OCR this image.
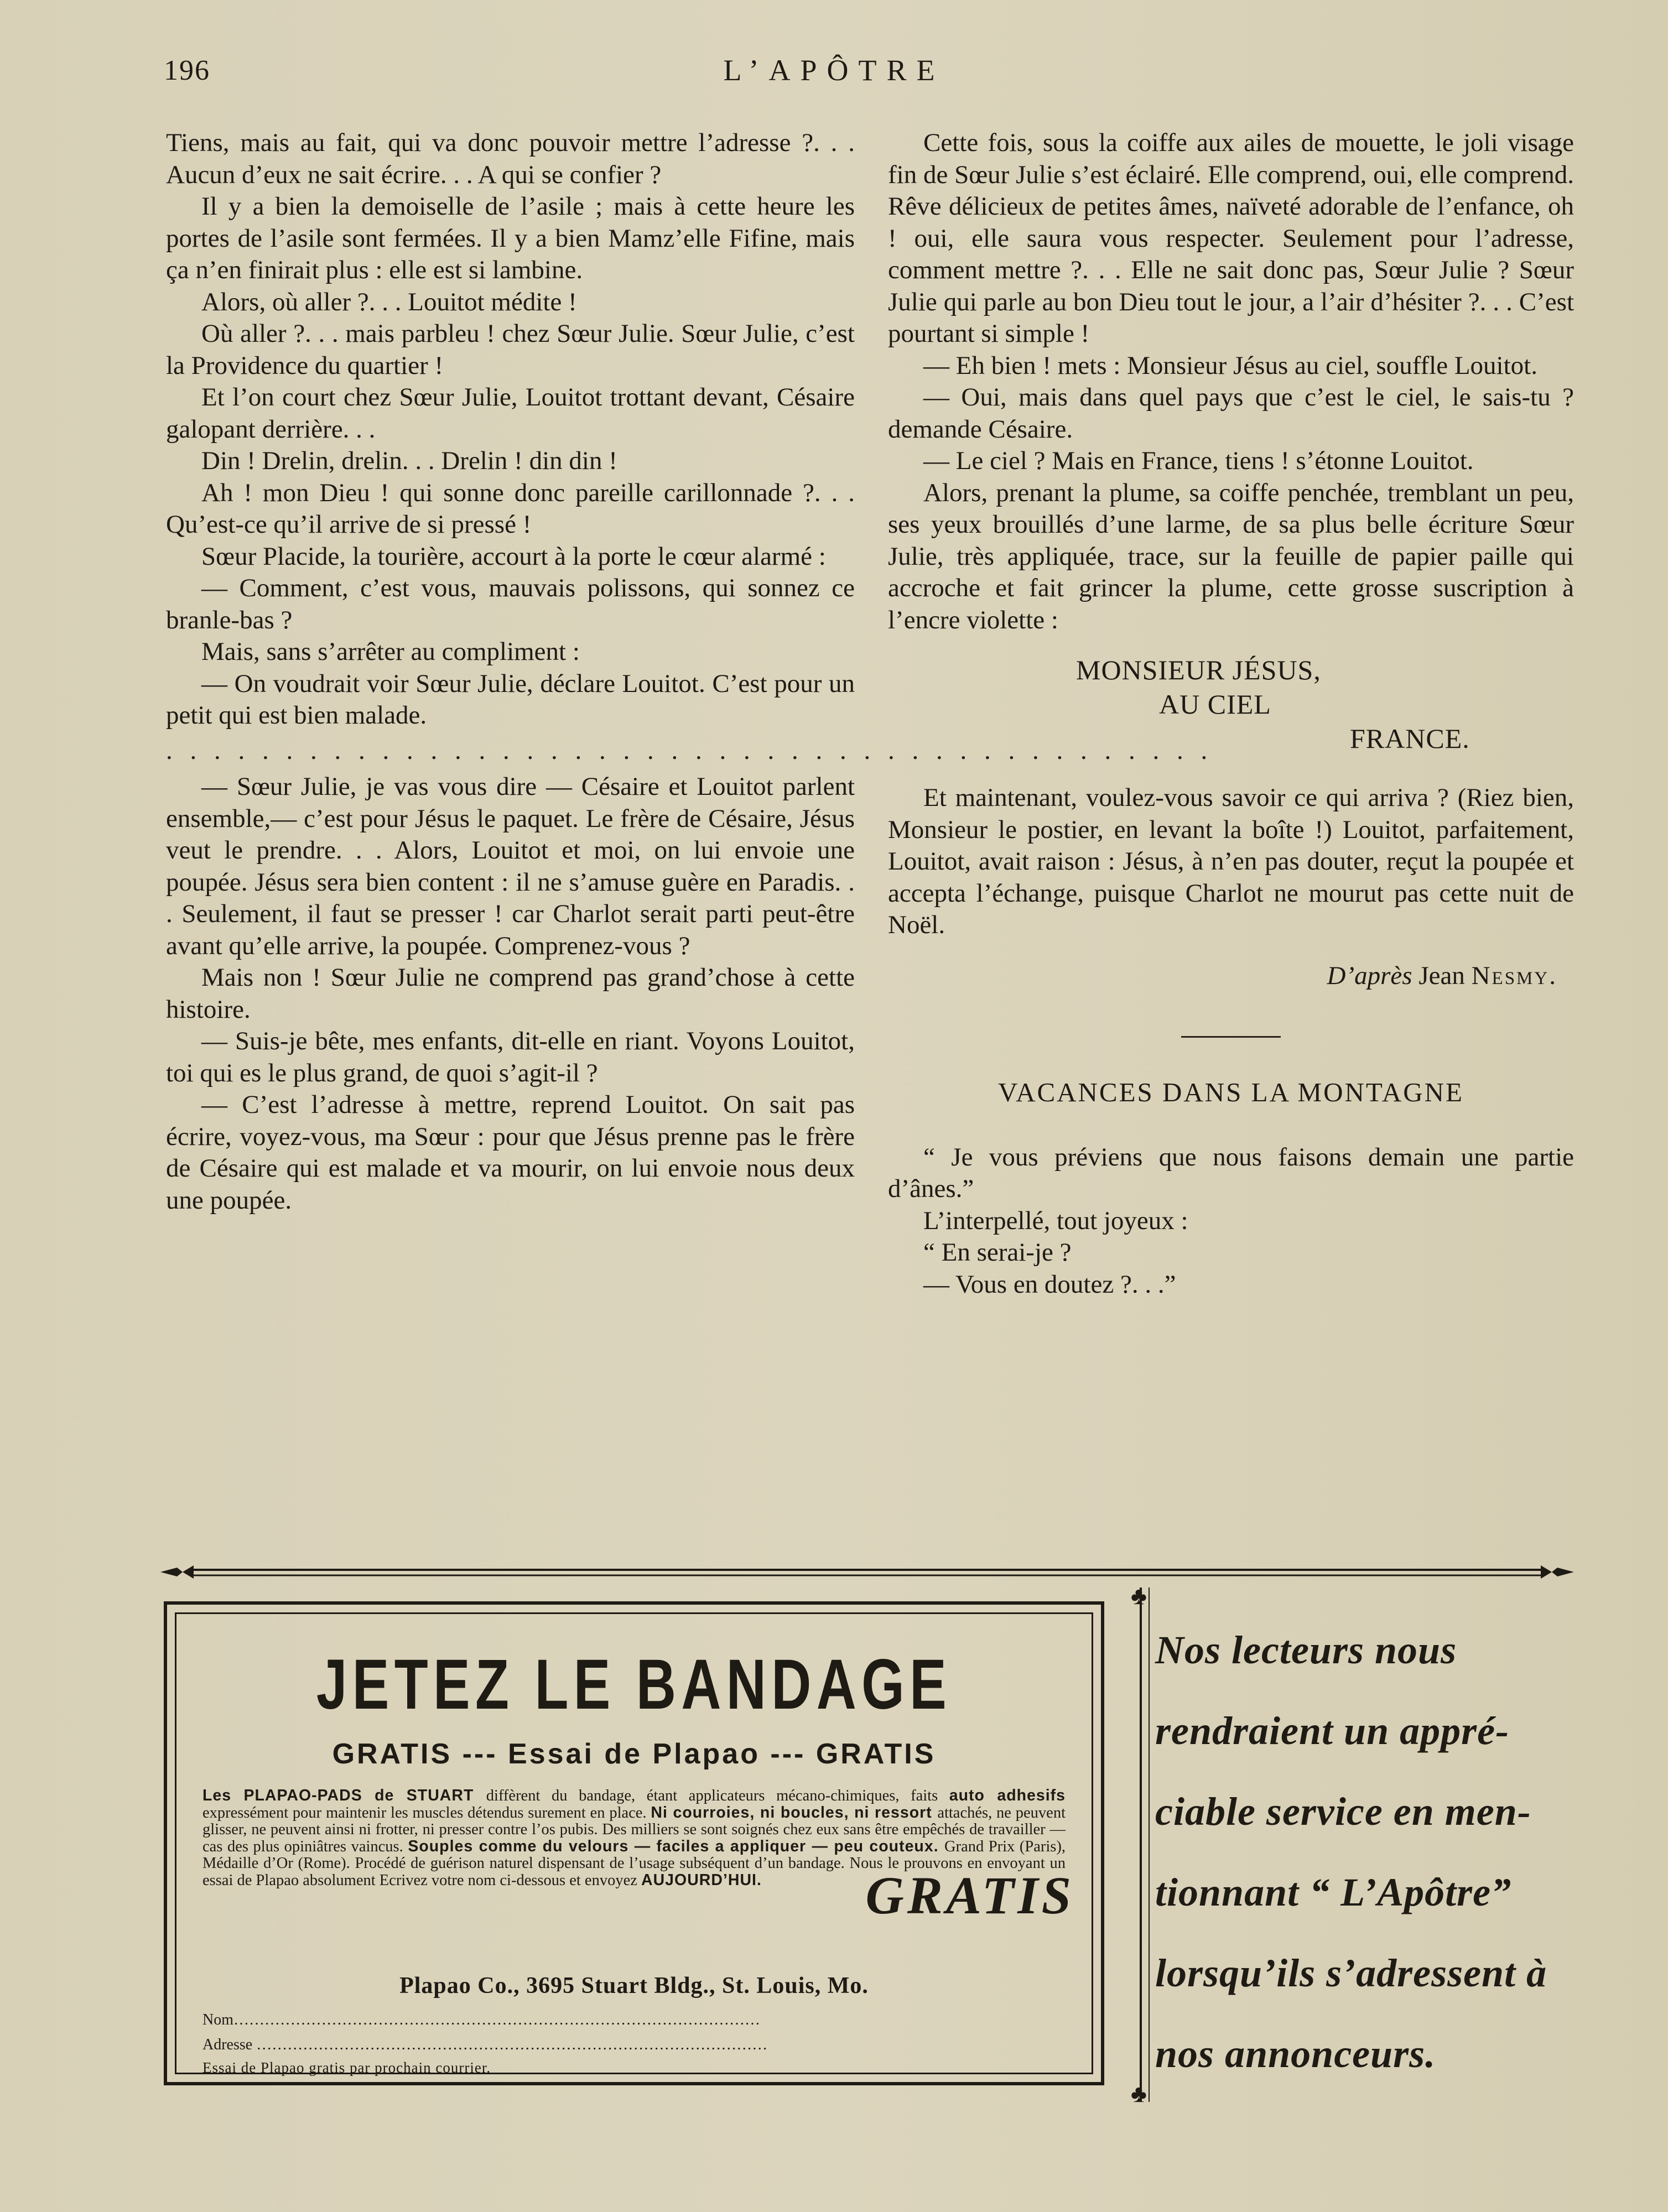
196	L’APÔTRE

Tiens, mais au fait, qui va donc pouvoir mettre l’adresse ?. . . Aucun d’eux ne sait écrire. . . A qui se confier ?

Il y a bien la demoiselle de l’asile ; mais à cette heure les portes de l’asile sont fermées. Il y a bien Mamz’elle Fifine, mais ça n’en finirait plus : elle est si lambine.

Alors, où aller ?. . . Louitot médite !

Où aller ?. . . mais parbleu ! chez Sœur Julie. Sœur Julie, c’est la Providence du quartier !

Et l’on court chez Sœur Julie, Louitot trottant devant, Césaire galopant derrière. . .

Din ! Drelin, drelin. . . Drelin ! din din !

Ah ! mon Dieu ! qui sonne donc pareille carillonnade ?. . . Qu’est-ce qu’il arrive de si pressé !

Sœur Placide, la tourière, accourt à la porte le cœur alarmé :

— Comment, c’est vous, mauvais polissons, qui sonnez ce branle-bas ?

Mais, sans s’arrêter au compliment :

— On voudrait voir Sœur Julie, déclare Louitot. C’est pour un petit qui est bien malade.

. . . . . . . . . . . . . . . . . . . . . . . . . . . . . . . . . . . . . . . . . . . .

— Sœur Julie, je vas vous dire — Césaire et Louitot parlent ensemble,— c’est pour Jésus le paquet. Le frère de Césaire, Jésus veut le prendre. . . Alors, Louitot et moi, on lui envoie une poupée. Jésus sera bien content : il ne s’amuse guère en Paradis. . . Seulement, il faut se presser ! car Charlot serait parti peut-être avant qu’elle arrive, la poupée. Comprenez-vous ?

Mais non ! Sœur Julie ne comprend pas grand’chose à cette histoire.

— Suis-je bête, mes enfants, dit-elle en riant. Voyons Louitot, toi qui es le plus grand, de quoi s’agit-il ?

— C’est l’adresse à mettre, reprend Louitot. On sait pas écrire, voyez-vous, ma Sœur : pour que Jésus prenne pas le frère de Césaire qui est malade et va mourir, on lui envoie nous deux une poupée.

Cette fois, sous la coiffe aux ailes de mouette, le joli visage fin de Sœur Julie s’est éclairé. Elle comprend, oui, elle comprend. Rêve délicieux de petites âmes, naïveté adorable de l’enfance, oh ! oui, elle saura vous respecter. Seulement pour l’adresse, comment mettre ?. . . Elle ne sait donc pas, Sœur Julie ? Sœur Julie qui parle au bon Dieu tout le jour, a l’air d’hésiter ?. . . C’est pourtant si simple !

— Eh bien ! mets : Monsieur Jésus au ciel, souffle Louitot.

— Oui, mais dans quel pays que c’est le ciel, le sais-tu ? demande Césaire.

— Le ciel ? Mais en France, tiens ! s’étonne Louitot.

Alors, prenant la plume, sa coiffe penchée, tremblant un peu, ses yeux brouillés d’une larme, de sa plus belle écriture Sœur Julie, très appliquée, trace, sur la feuille de papier paille qui accroche et fait grincer la plume, cette grosse suscription à l’encre violette :

MONSIEUR JÉSUS,
AU CIEL
FRANCE.

Et maintenant, voulez-vous savoir ce qui arriva ? (Riez bien, Monsieur le postier, en levant la boîte !) Louitot, parfaitement, Louitot, avait raison : Jésus, à n’en pas douter, reçut la poupée et accepta l’échange, puisque Charlot ne mourut pas cette nuit de Noël.

D’après Jean Nesmy.

VACANCES DANS LA MONTAGNE

“ Je vous préviens que nous faisons demain une partie d’ânes.”

L’interpellé, tout joyeux :

“ En serai-je ?

— Vous en doutez ?. . .”

JETEZ LE BANDAGE
GRATIS --- Essai de Plapao --- GRATIS
Les PLAPAO-PADS de STUART diffèrent du bandage, étant applicateurs mécano-chimiques, faits auto adhesifs expressément pour maintenir les muscles détendus surement en place. Ni courroies, ni boucles, ni ressort attachés, ne peuvent glisser, ne peuvent ainsi ni frotter, ni presser contre l’os pubis. Des milliers se sont soignés chez eux sans être empêchés de travailler — cas des plus opiniâtres vaincus. Souples comme du velours — faciles a appliquer — peu couteux. Grand Prix (Paris), Médaille d’Or (Rome). Procédé de guérison naturel dispensant de l’usage subséquent d’un bandage. Nous le prouvons en envoyant un essai de Plapao absolument Ecrivez votre nom ci-dessous et envoyez AUJOURD’HUI.	GRATIS
Plapao Co., 3695 Stuart Bldg., St. Louis, Mo.
Nom…………………………………………………………………………………………
Adresse ………………………………………………………………………………………
Essai de Plapao gratis par prochain courrier.
♣
♣
Nos lecteurs nous
rendraient un appré-
ciable service en men-
tionnant “ L’Apôtre”
lorsqu’ils s’adressent à
nos annonceurs.
